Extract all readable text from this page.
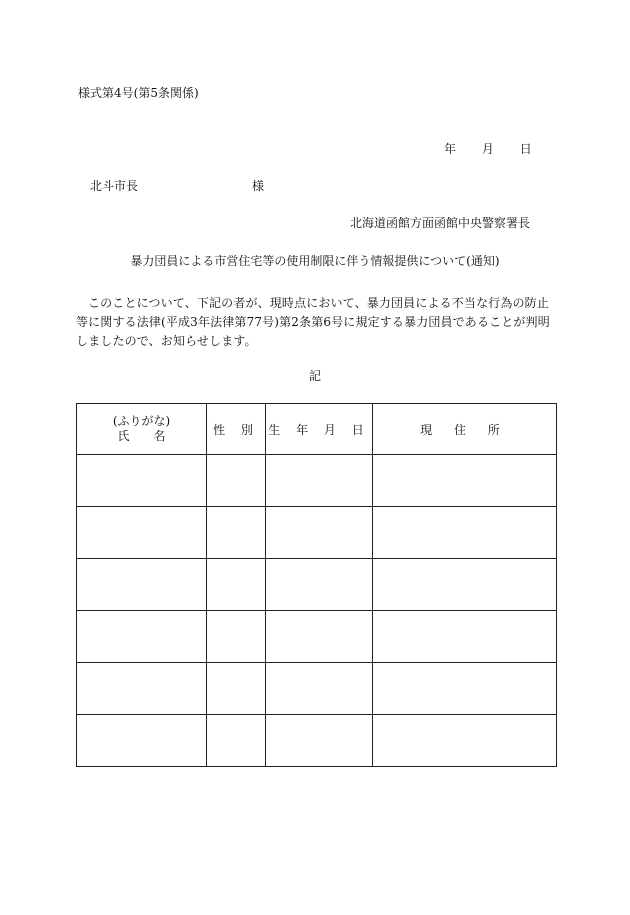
様式第4号(第5条関係)
年 月 日
北斗市長	様
北海道函館方面函館中央警察署長
暴力団員による市営住宅等の使用制限に伴う情報提供について(通知)
このことについて、下記の者が、現時点において、暴力団員による不当な行為の防止等に関する法律(平成3年法律第77号)第2条第6号に規定する暴力団員であることが判明しましたので、お知らせします。
記
(ふりがな)
氏名	性 別	生 年 月 日	現 住 所
